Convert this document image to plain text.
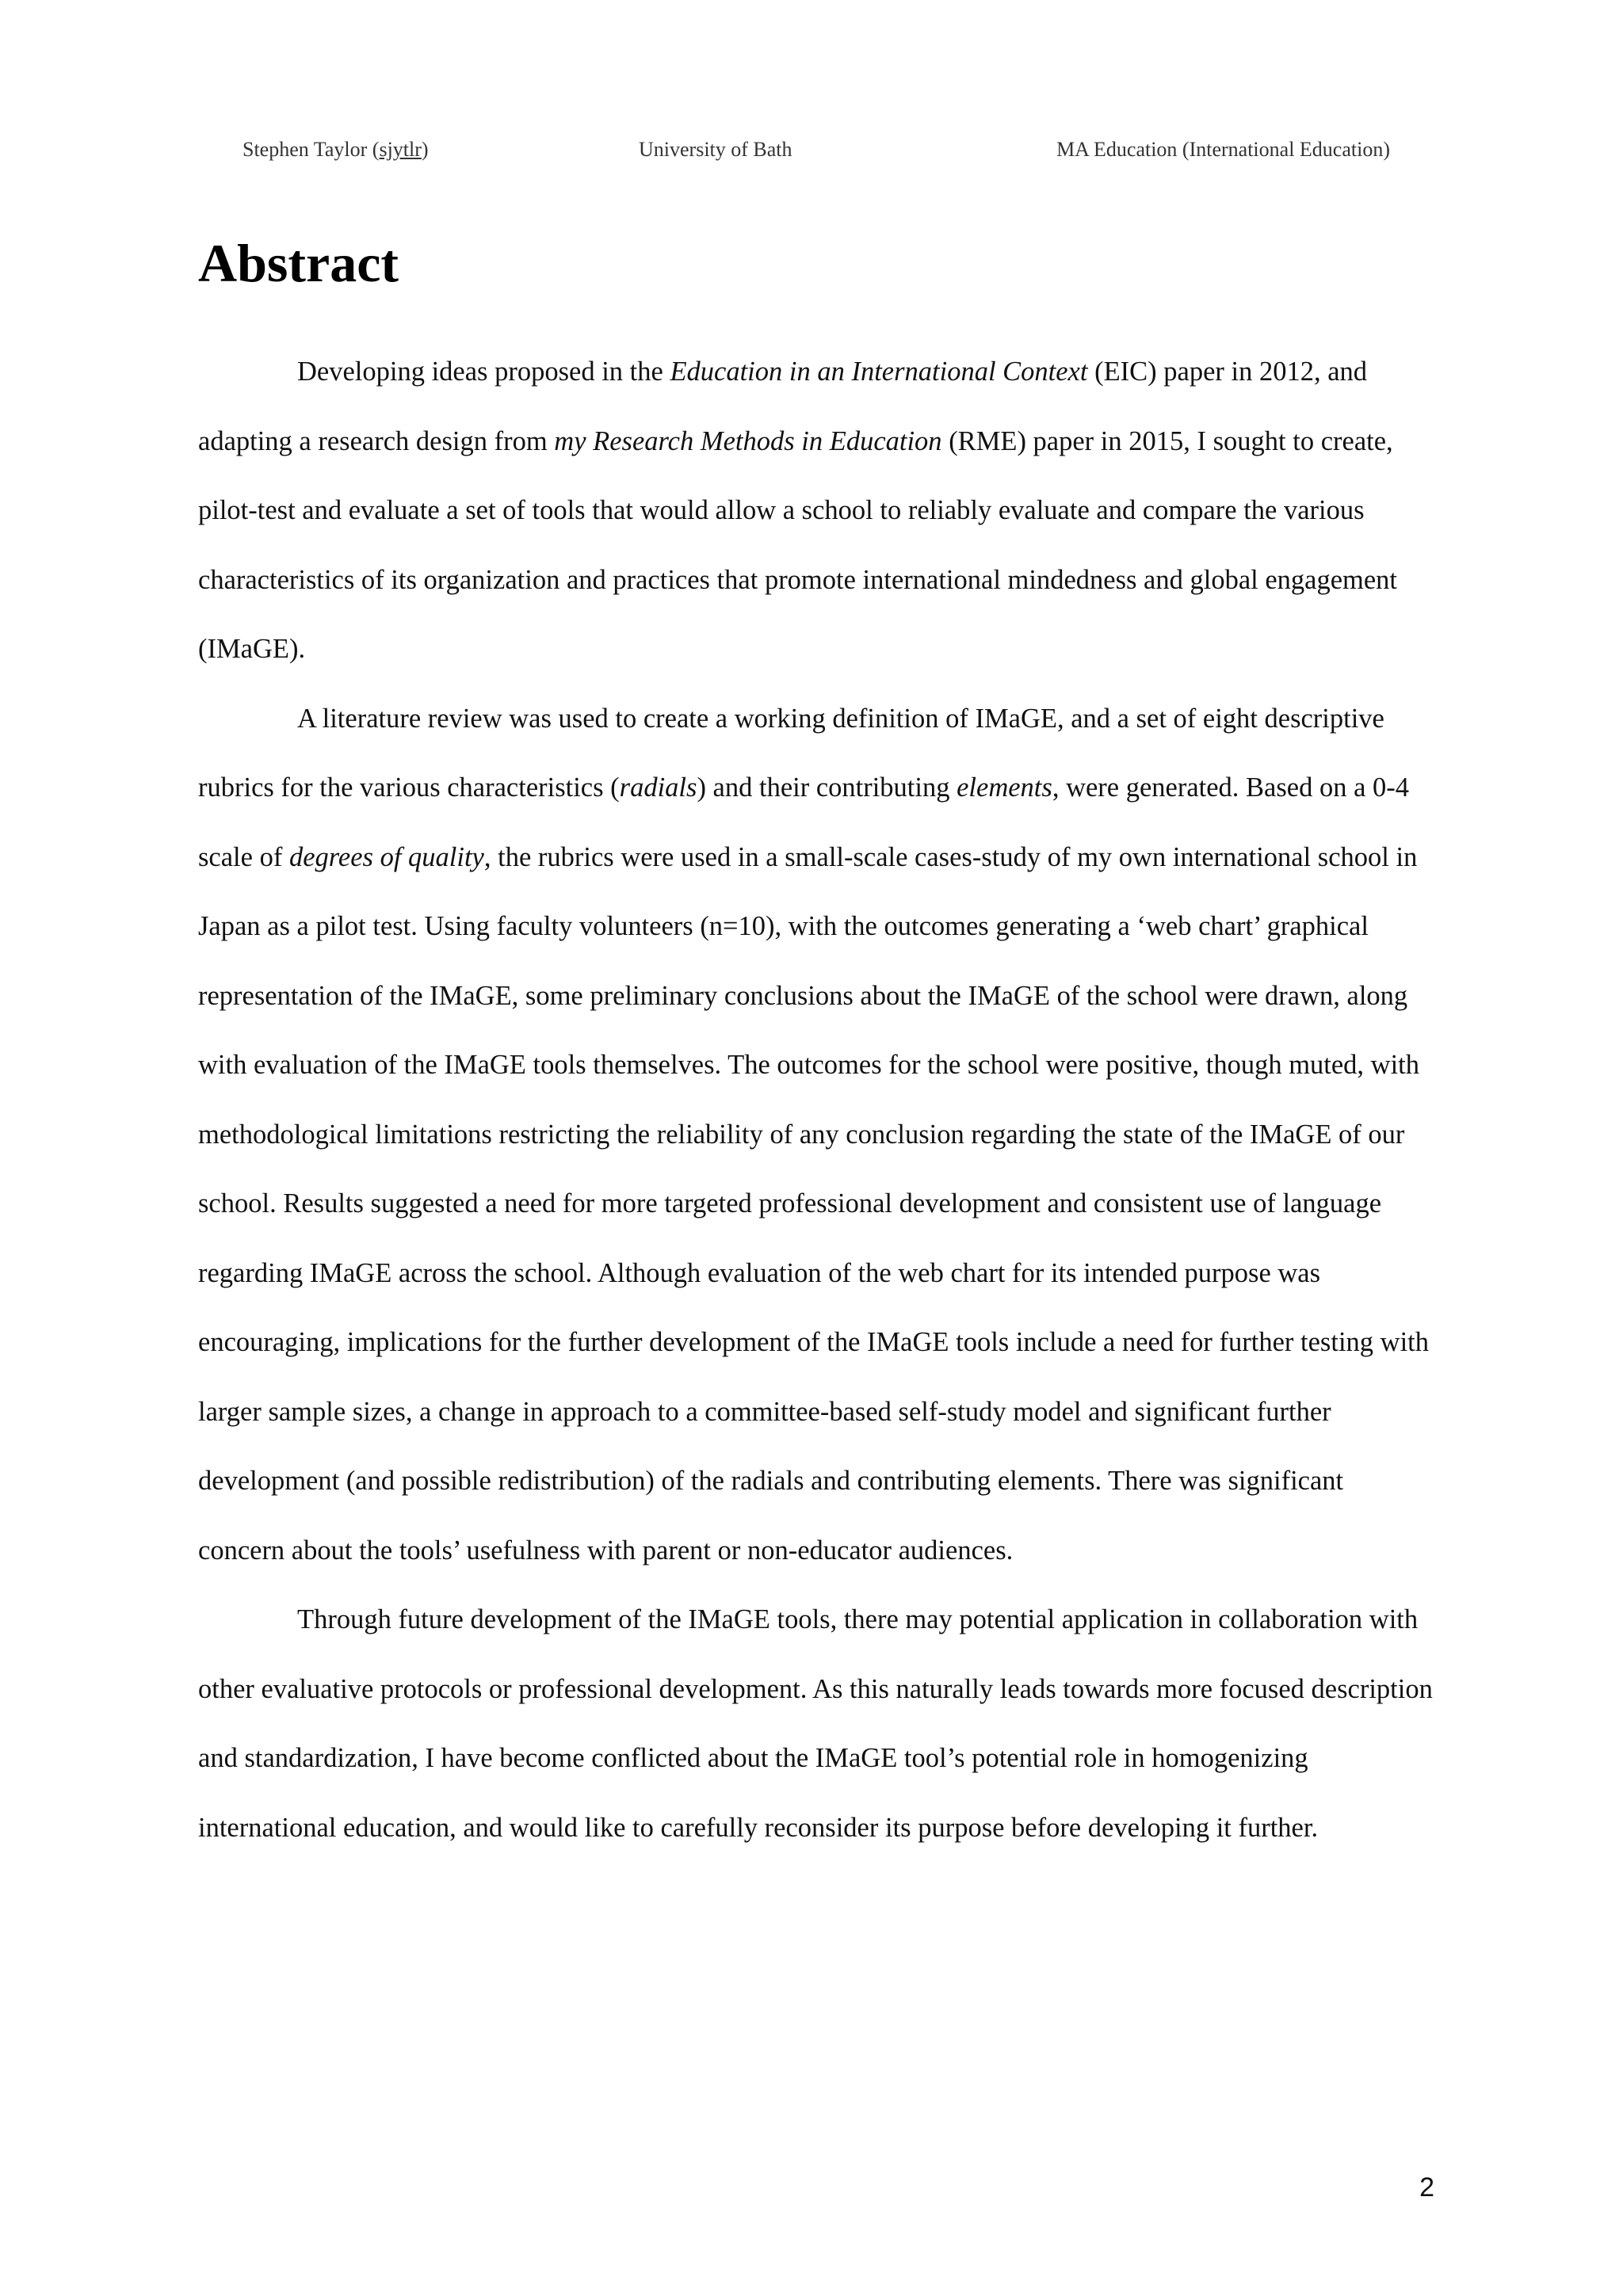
Stephen Taylor (sjytlr)	University of Bath	MA Education (International Education)
Abstract

Developing ideas proposed in the Education in an International Context (EIC) paper in 2012, and adapting a research design from my Research Methods in Education (RME) paper in 2015, I sought to create, pilot-test and evaluate a set of tools that would allow a school to reliably evaluate and compare the various characteristics of its organization and practices that promote international mindedness and global engagement (IMaGE).

A literature review was used to create a working definition of IMaGE, and a set of eight descriptive rubrics for the various characteristics (radials) and their contributing elements, were generated. Based on a 0-4 scale of degrees of quality, the rubrics were used in a small-scale cases-study of my own international school in Japan as a pilot test. Using faculty volunteers (n=10), with the outcomes generating a ‘web chart’ graphical representation of the IMaGE, some preliminary conclusions about the IMaGE of the school were drawn, along with evaluation of the IMaGE tools themselves. The outcomes for the school were positive, though muted, with methodological limitations restricting the reliability of any conclusion regarding the state of the IMaGE of our school. Results suggested a need for more targeted professional development and consistent use of language regarding IMaGE across the school. Although evaluation of the web chart for its intended purpose was encouraging, implications for the further development of the IMaGE tools include a need for further testing with larger sample sizes, a change in approach to a committee-based self-study model and significant further development (and possible redistribution) of the radials and contributing elements. There was significant concern about the tools’ usefulness with parent or non-educator audiences.

Through future development of the IMaGE tools, there may potential application in collaboration with other evaluative protocols or professional development. As this naturally leads towards more focused description and standardization, I have become conflicted about the IMaGE tool’s potential role in homogenizing international education, and would like to carefully reconsider its purpose before developing it further.

2
